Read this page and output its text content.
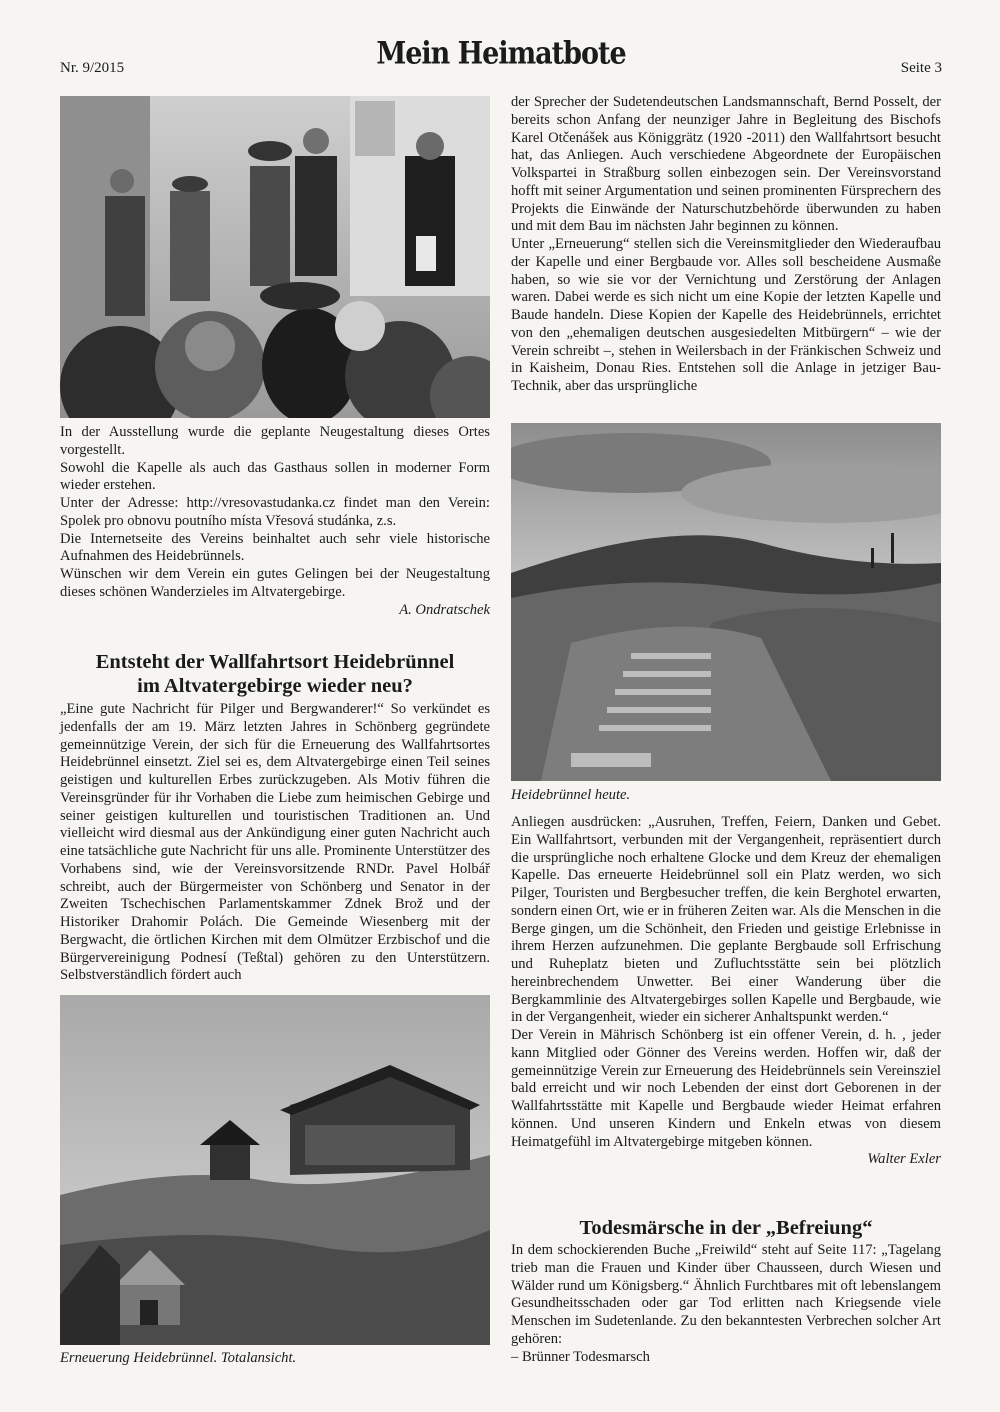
Nr. 9/2015	Mein Heimatbote	Seite 3

In der Ausstellung wurde die geplante Neugestaltung dieses Ortes vorgestellt.

Sowohl die Kapelle als auch das Gasthaus sollen in moderner Form wieder erstehen.

Unter der Adresse: http://vresovastudanka.cz findet man den Verein: Spolek pro obnovu poutního místa Vřesová studánka, z.s.

Die Internetseite des Vereins beinhaltet auch sehr viele historische Aufnahmen des Heidebrünnels.

Wünschen wir dem Verein ein gutes Gelingen bei der Neugestaltung dieses schönen Wanderzieles im Altvatergebirge.

A. Ondratschek

Entsteht der Wallfahrtsort Heidebrünnel
im Altvatergebirge wieder neu?

„Eine gute Nachricht für Pilger und Bergwanderer!“ So verkündet es jedenfalls der am 19. März letzten Jahres in Schönberg gegründete gemeinnützige Verein, der sich für die Erneuerung des Wallfahrtsortes Heidebrünnel einsetzt. Ziel sei es, dem Altvatergebirge einen Teil seines geistigen und kulturellen Erbes zurückzugeben. Als Motiv führen die Vereinsgründer für ihr Vorhaben die Liebe zum heimischen Gebirge und seiner geistigen kulturellen und touristischen Traditionen an. Und vielleicht wird diesmal aus der Ankündigung einer guten Nachricht auch eine tatsächliche gute Nachricht für uns alle. Prominente Unterstützer des Vorhabens sind, wie der Vereinsvorsitzende RNDr. Pavel Holbář schreibt, auch der Bürgermeister von Schönberg und Senator in der Zweiten Tschechischen Parlamentskammer Zdnek Brož und der Historiker Drahomir Polách. Die Gemeinde Wiesenberg mit der Bergwacht, die örtlichen Kirchen mit dem Olmützer Erzbischof und die Bürgervereinigung Podnesí (Teßtal) gehören zu den Unterstützern. Selbstverständlich fördert auch

Erneuerung Heidebrünnel. Totalansicht.

der Sprecher der Sudetendeutschen Landsmannschaft, Bernd Posselt, der bereits schon Anfang der neunziger Jahre in Begleitung des Bischofs Karel Otčenášek aus Königgrätz (1920 -2011) den Wallfahrtsort besucht hat, das Anliegen. Auch verschiedene Abgeordnete der Europäischen Volkspartei in Straßburg sollen einbezogen sein. Der Vereinsvorstand hofft mit seiner Argumentation und seinen prominenten Fürsprechern des Projekts die Einwände der Naturschutzbehörde überwunden zu haben und mit dem Bau im nächsten Jahr beginnen zu können.

Unter „Erneuerung“ stellen sich die Vereinsmitglieder den Wiederaufbau der Kapelle und einer Bergbaude vor. Alles soll bescheidene Ausmaße haben, so wie sie vor der Vernichtung und Zerstörung der Anlagen waren. Dabei werde es sich nicht um eine Kopie der letzten Kapelle und Baude handeln. Diese Kopien der Kapelle des Heidebrünnels, errichtet von den „ehemaligen deutschen ausgesiedelten Mitbürgern“ – wie der Verein schreibt –, stehen in Weilersbach in der Fränkischen Schweiz und in Kaisheim, Donau Ries. Entstehen soll die Anlage in jetziger Bau-Technik, aber das ursprüngliche

Heidebrünnel heute.

Anliegen ausdrücken: „Ausruhen, Treffen, Feiern, Danken und Gebet. Ein Wallfahrtsort, verbunden mit der Vergangenheit, repräsentiert durch die ursprüngliche noch erhaltene Glocke und dem Kreuz der ehemaligen Kapelle. Das erneuerte Heidebrünnel soll ein Platz werden, wo sich Pilger, Touristen und Bergbesucher treffen, die kein Berghotel erwarten, sondern einen Ort, wie er in früheren Zeiten war. Als die Menschen in die Berge gingen, um die Schönheit, den Frieden und geistige Erlebnisse in ihrem Herzen aufzunehmen. Die geplante Bergbaude soll Erfrischung und Ruheplatz bieten und Zufluchtsstätte sein bei plötzlich hereinbrechendem Unwetter. Bei einer Wanderung über die Bergkammlinie des Altvatergebirges sollen Kapelle und Bergbaude, wie in der Vergangenheit, wieder ein sicherer Anhaltspunkt werden.“

Der Verein in Mährisch Schönberg ist ein offener Verein, d. h. , jeder kann Mitglied oder Gönner des Vereins werden. Hoffen wir, daß der gemeinnützige Verein zur Erneuerung des Heidebrünnels sein Vereinsziel bald erreicht und wir noch Lebenden der einst dort Geborenen in der Wallfahrtsstätte mit Kapelle und Bergbaude wieder Heimat erfahren können. Und unseren Kindern und Enkeln etwas von diesem Heimatgefühl im Altvatergebirge mitgeben können.

Walter Exler

Todesmärsche in der „Befreiung“

In dem schockierenden Buche „Freiwild“ steht auf Seite 117: „Tagelang trieb man die Frauen und Kinder über Chausseen, durch Wiesen und Wälder rund um Königsberg.“ Ähnlich Furchtbares mit oft lebenslangem Gesundheitsschaden oder gar Tod erlitten nach Kriegsende viele Menschen im Sudetenlande. Zu den bekanntesten Verbrechen solcher Art gehören:

– Brünner Todesmarsch
